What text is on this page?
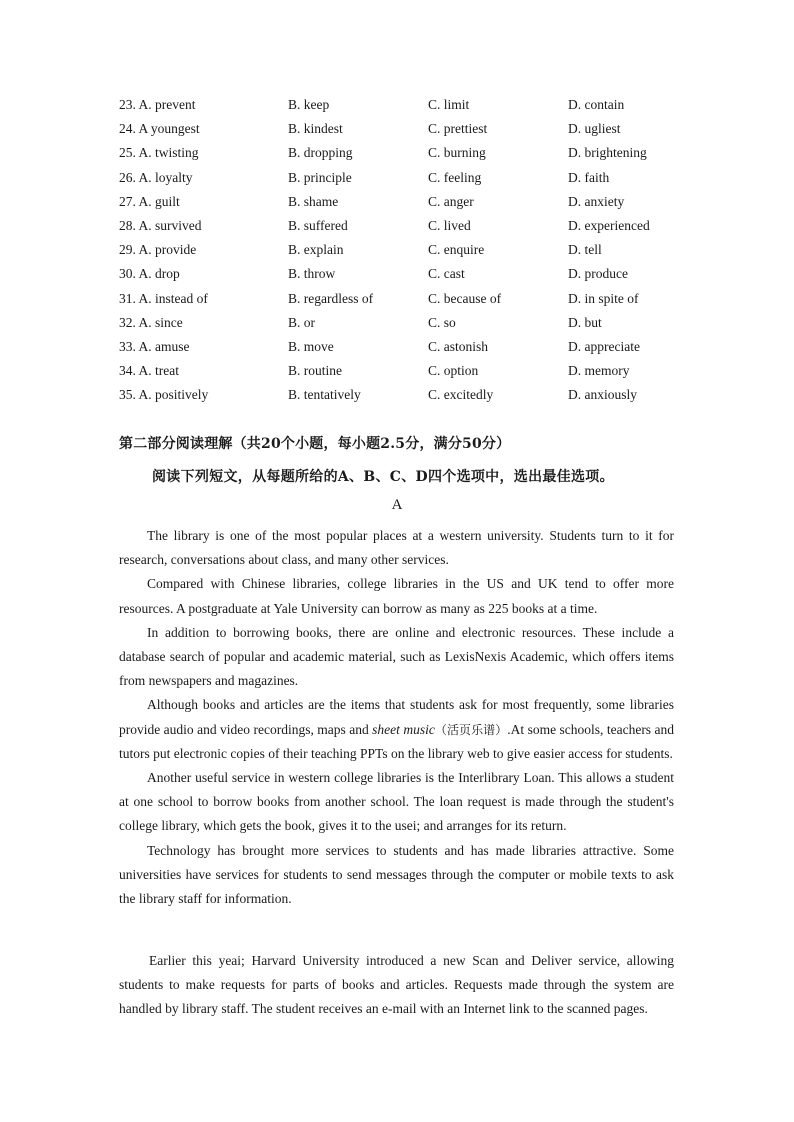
23. A. prevent	B. keep	C. limit	D. contain
24. A youngest	B. kindest	C. prettiest	D. ugliest
25. A. twisting	B. dropping	C. burning	D. brightening
26. A. loyalty	B. principle	C. feeling	D. faith
27. A. guilt	B. shame	C. anger	D. anxiety
28. A. survived	B. suffered	C. lived	D. experienced
29. A. provide	B. explain	C. enquire	D. tell
30. A. drop	B. throw	C. cast	D. produce
31. A. instead of	B. regardless of	C. because of	D. in spite of
32. A. since	B. or	C. so	D. but
33. A. amuse	B. move	C. astonish	D. appreciate
34. A. treat	B. routine	C. option	D. memory
35. A. positively	B. tentatively	C. excitedly	D. anxiously
第二部分阅读理解（共20个小题，每小题2.5分，满分50分）
阅读下列短文，从每题所给的A、B、C、D四个选项中，选出最佳选项。
A

The library is one of the most popular places at a western university. Students turn to it for research, conversations about class, and many other services.

Compared with Chinese libraries, college libraries in the US and UK tend to offer more resources. A postgraduate at Yale University can borrow as many as 225 books at a time.

In addition to borrowing books, there are online and electronic resources. These include a database search of popular and academic material, such as LexisNexis Academic, which offers items from newspapers and magazines.

Although books and articles are the items that students ask for most frequently, some libraries provide audio and video recordings, maps and sheet music（活页乐谱）.At some schools, teachers and tutors put electronic copies of their teaching PPTs on the library web to give easier access for students.

Another useful service in western college libraries is the Interlibrary Loan. This allows a student at one school to borrow books from another school. The loan request is made through the student's college library, which gets the book, gives it to the usei; and arranges for its return.

Technology has brought more services to students and has made libraries attractive. Some universities have services for students to send messages through the computer or mobile texts to ask the library staff for information.

Earlier this yeai; Harvard University introduced a new Scan and Deliver service, allowing students to make requests for parts of books and articles. Requests made through the system are handled by library staff. The student receives an e-mail with an Internet link to the scanned pages.
